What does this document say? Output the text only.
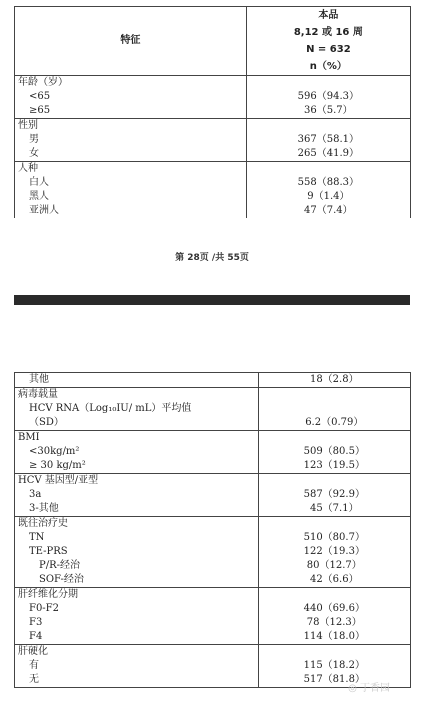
特征	本品
8,12 或 16 周
N = 632
n（%）

年龄（岁）	
<65	596（94.3）
≥65	36（5.7）
性别	
男	367（58.1）
女	265（41.9）
人种	
白人	558（88.3）
黑人	9（1.4）
亚洲人	47（7.4）
第 28页 /共 55页
其他	18（2.8）
病毒载量	
HCV RNA（Log₁₀IU/ mL）平均值	
（SD）	6.2（0.79）
BMI	
<30kg/m²	509（80.5）
≥ 30 kg/m²	123（19.5）
HCV 基因型/亚型	
3a	587（92.9）
3-其他	45（7.1）
既往治疗史	
TN	510（80.7）
TE-PRS	122（19.3）
P/R-经治	80（12.7）
SOF-经治	42（6.6）
肝纤维化分期	
F0-F2	440（69.6）
F3	78（12.3）
F4	114（18.0）
肝硬化	
有	115（18.2）
无	517（81.8）
◎ 丁香园
